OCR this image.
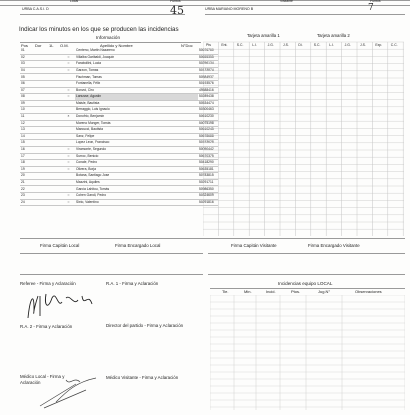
Local	Puntos	Visitante	Puntos
URBA C.A.S.I. D	45	URBA MARIANO MORENO B	7
Indicar los minutos en los que se producen las incidencias
Información
Pos Dor 1L O.M.	Apellido y Nombre	N°Doc
01				Centeno, Martin Nazareno	50676760
02			○	Villalba Garibaldi, Joaquín	50655355
03			○	Farabollini, Lucia	50256134
04			○	Garzon, Tomas	50133874
05				Fischman, Tomas	50584937
06				Fontanella, Félix	50193576
07			○	Bonvoi, Ciro	49588416
08			○	Lanusse, Agustin	50289438
09				Maisle, Bautista	50534474
10				Berraggio, Luis Ignacio	50300463
11			×	Donofrio, Benjamín	50610230
12				Moreno Munger, Tomás	50075198
13				Marcucci, Bautista	50610245
14				Sanz, Felipe	50678688
15				Lopez Leon, Francisco	50153628
16			○	Viramonte, Segundo	50050442
17			○	Surroc, Benicio	50670375
18			○	Conale, Pedro	50418290
19			○	Olivera, Borja	50635181
20				Botana, Santiago Jose	50783815
21				Mazzini, Aquiles	50291711
22				García Lahitou, Tomás	50986350
23			○	Cohen Gandi, Pedro	50324609
24			○	Sixto, Valentino	50291816
Tarjeta amarilla 1	Tarjeta amarilla 2
Pts	Ent.	S.C.	L.I.	J.G.	J.S.	Di.	S.C.	L.I.	J.G.	J.S.	Exp.	C.C.
Firma Capitán Local	Firma Encargado Local	Firma Capitán Visitante	Firma Encargado Visitante
Referee - Firma y Aclaración	R.A. 1 - Firma y Aclaración
R.A. 2 - Firma y Aclaración	Director del partido - Firma y Aclaración
Médico Local - Firma y Aclaración
Médico Visitante - Firma y Aclaración
Incidencias equipo LOCAL
Tie.	Min.	Incid.	Ptos.	Jug.N°	Observaciones
